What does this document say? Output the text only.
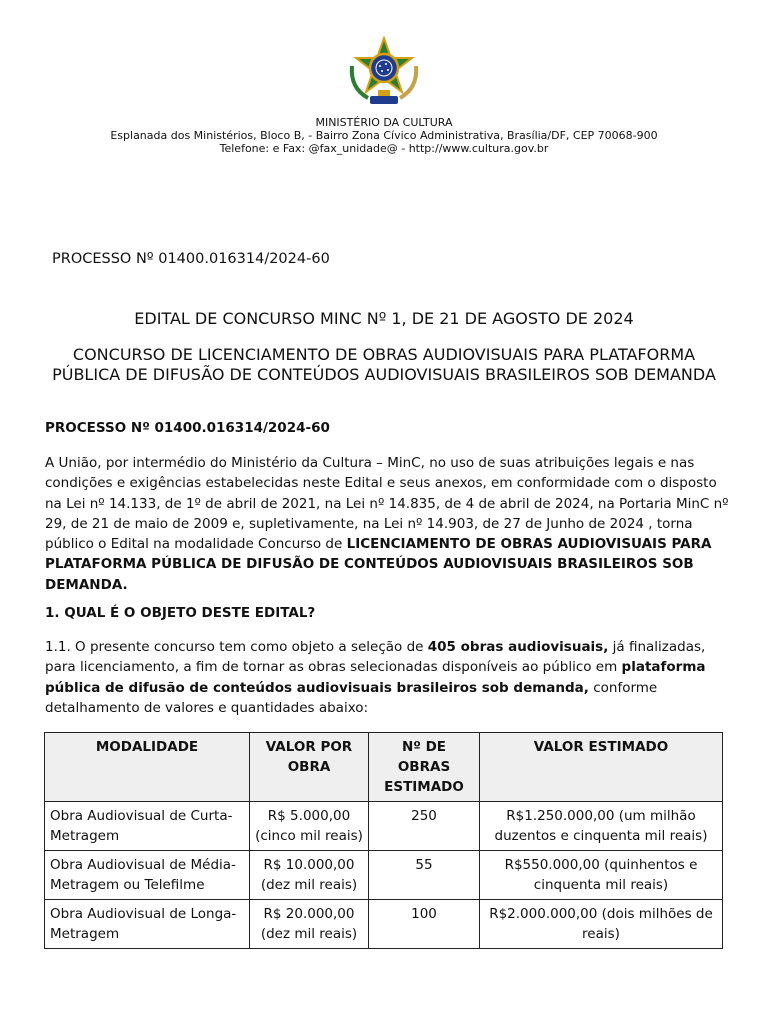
MINISTÉRIO DA CULTURA
Esplanada dos Ministérios, Bloco B, - Bairro Zona Cívico Administrativa, Brasília/DF, CEP 70068-900
Telefone: e Fax: @fax_unidade@ - http://www.cultura.gov.br
PROCESSO Nº 01400.016314/2024-60
EDITAL DE CONCURSO MINC Nº 1, DE 21 DE AGOSTO DE 2024
CONCURSO DE LICENCIAMENTO DE OBRAS AUDIOVISUAIS PARA PLATAFORMA PÚBLICA DE DIFUSÃO DE CONTEÚDOS AUDIOVISUAIS BRASILEIROS SOB DEMANDA
PROCESSO Nº 01400.016314/2024-60
A União, por intermédio do Ministério da Cultura – MinC, no uso de suas atribuições legais e nas condições e exigências estabelecidas neste Edital e seus anexos, em conformidade com o disposto na Lei nº 14.133, de 1º de abril de 2021, na Lei nº 14.835, de 4 de abril de 2024, na Portaria MinC nº 29, de 21 de maio de 2009 e, supletivamente, na Lei nº 14.903, de 27 de Junho de 2024 , torna público o Edital na modalidade Concurso de LICENCIAMENTO DE OBRAS AUDIOVISUAIS PARA PLATAFORMA PÚBLICA DE DIFUSÃO DE CONTEÚDOS AUDIOVISUAIS BRASILEIROS SOB DEMANDA.
1. QUAL É O OBJETO DESTE EDITAL?
1.1. O presente concurso tem como objeto a seleção de 405 obras audiovisuais, já finalizadas, para licenciamento, a fim de tornar as obras selecionadas disponíveis ao público em plataforma pública de difusão de conteúdos audiovisuais brasileiros sob demanda, conforme detalhamento de valores e quantidades abaixo:
MODALIDADE	VALOR POR OBRA	Nº DE OBRAS ESTIMADO	VALOR ESTIMADO
Obra Audiovisual de Curta-Metragem	R$ 5.000,00 (cinco mil reais)	250	R$1.250.000,00 (um milhão duzentos e cinquenta mil reais)
Obra Audiovisual de Média-Metragem ou Telefilme	R$ 10.000,00 (dez mil reais)	55	R$550.000,00 (quinhentos e cinquenta mil reais)
Obra Audiovisual de Longa-Metragem	R$ 20.000,00 (dez mil reais)	100	R$2.000.000,00 (dois milhões de reais)
